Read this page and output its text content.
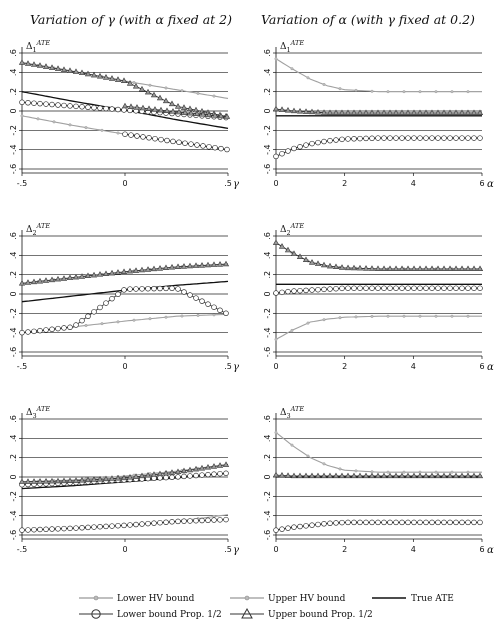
Variation of γ (with α fixed at 2) Variation of α (with γ fixed at 0.2)
-.6
-.4
-.2
0
.2
.4
.6
-.5	0	.5 γ
$\Delta_1^{ATE}$
-.6
-.4
-.2
0
.2
.4
.6
-.5	0	.5 γ
$\Delta_2^{ATE}$
-.6
-.4
-.2
0
.2
.4
.6
-.5	0	.5 γ
$\Delta_3^{ATE}$
-.6
-.4
-.2
0
.2
.4
.6
0	2	4	6 α
$\Delta_1^{ATE}$
-.6
-.4
-.2
0
.2
.4
.6
0	2	4	6 α
$\Delta_2^{ATE}$
-.6
-.4
-.2
0
.2
.4
.6
0	2	4	6 α
$\Delta_3^{ATE}$
Lower HV bound	Upper HV bound	True ATE
Lower bound Prop. 1/2	Upper bound Prop. 1/2
